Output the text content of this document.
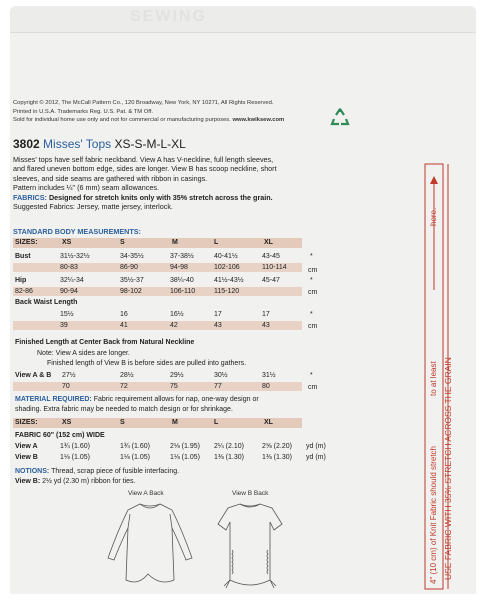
SEWING
Copyright © 2012, The McCall Pattern Co., 120 Broadway, New York, NY 10271, All Rights Reserved.
Printed in U.S.A. Trademarks Reg. U.S. Pat. & TM Off.
Sold for individual home use only and not for commercial or manufacturing purposes. www.kwiksew.com
3802 Misses' Tops XS-S-M-L-XL
Misses' tops have self fabric neckband. View A has V-neckline, full length sleeves,
and flared uneven bottom edge, sides are longer. View B has scoop neckline, short
sleeves, and side seams are gathered with ribbon in casings.
Pattern includes ¼" (6 mm) seam allowances.
FABRICS: Designed for stretch knits only with 35% stretch across the grain.
Suggested Fabrics: Jersey, matte jersey, interlock.
STANDARD BODY MEASUREMENTS:
SIZES:	XS	S	M	L	XL
Bust	31½-32½	34-35½	37-38½	40-41½	43-45	*
80-83	86-90	94-98	102-106	110-114	cm
Hip	32¼-34	35½-37	38¼-40	41½-43½	45-47	*
82-86	90-94	98-102	106-110	115-120	cm
Back Waist Length
15½	16	16½	17	17	*
39	41	42	43	43	cm
Finished Length at Center Back from Natural Neckline
Note: View A sides are longer.
Finished length of View B is before sides are pulled into gathers.
View A & B 27½	28½	29½	30½	31½	*
70	72	75	77	80	cm
MATERIAL REQUIRED: Fabric requirement allows for nap, one-way design or
shading. Extra fabric may be needed to match design or for shrinkage.
SIZES:	XS	S	M	L	XL
FABRIC 60" (152 cm) WIDE
View A	1¾ (1.60)	1¾ (1.60)	2⅛ (1.95) 2¼ (2.10)	2⅝ (2.20) yd (m)
View B	1⅛ (1.05)	1⅛ (1.05)	1⅛ (1.05) 1⅜ (1.30)	1⅜ (1.30) yd (m)
NOTIONS: Thread, scrap piece of fusible interfacing.
View B: 2½ yd (2.30 m) ribbon for ties.
View A Back	View B Back	4" (10 cm) of Knit Fabric should stretch
to at least
here.
USE FABRIC WITH 35% STRETCH ACROSS THE GRAIN
